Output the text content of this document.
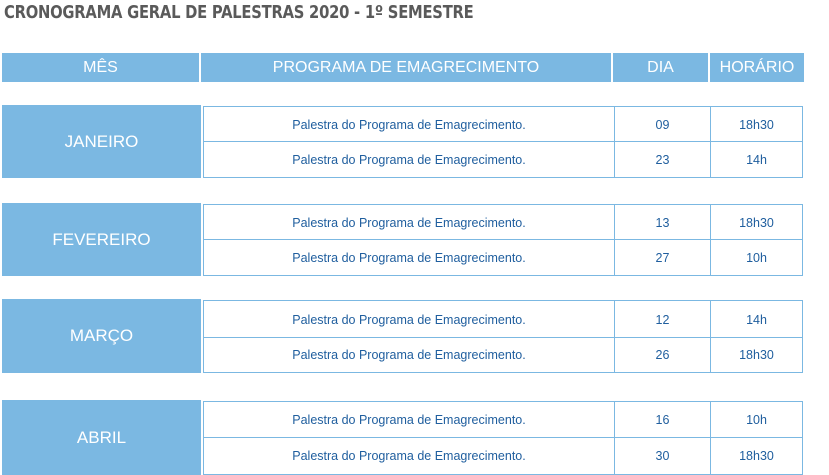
CRONOGRAMA GERAL DE PALESTRAS 2020 - 1º SEMESTRE
MÊS	PROGRAMA DE EMAGRECIMENTO	DIA	HORÁRIO
JANEIRO
Palestra do Programa de Emagrecimento.	09	18h30
Palestra do Programa de Emagrecimento.	23	14h
FEVEREIRO
Palestra do Programa de Emagrecimento.	13	18h30
Palestra do Programa de Emagrecimento.	27	10h
MARÇO
Palestra do Programa de Emagrecimento.	12	14h
Palestra do Programa de Emagrecimento.	26	18h30
ABRIL
Palestra do Programa de Emagrecimento.	16	10h
Palestra do Programa de Emagrecimento.	30	18h30
